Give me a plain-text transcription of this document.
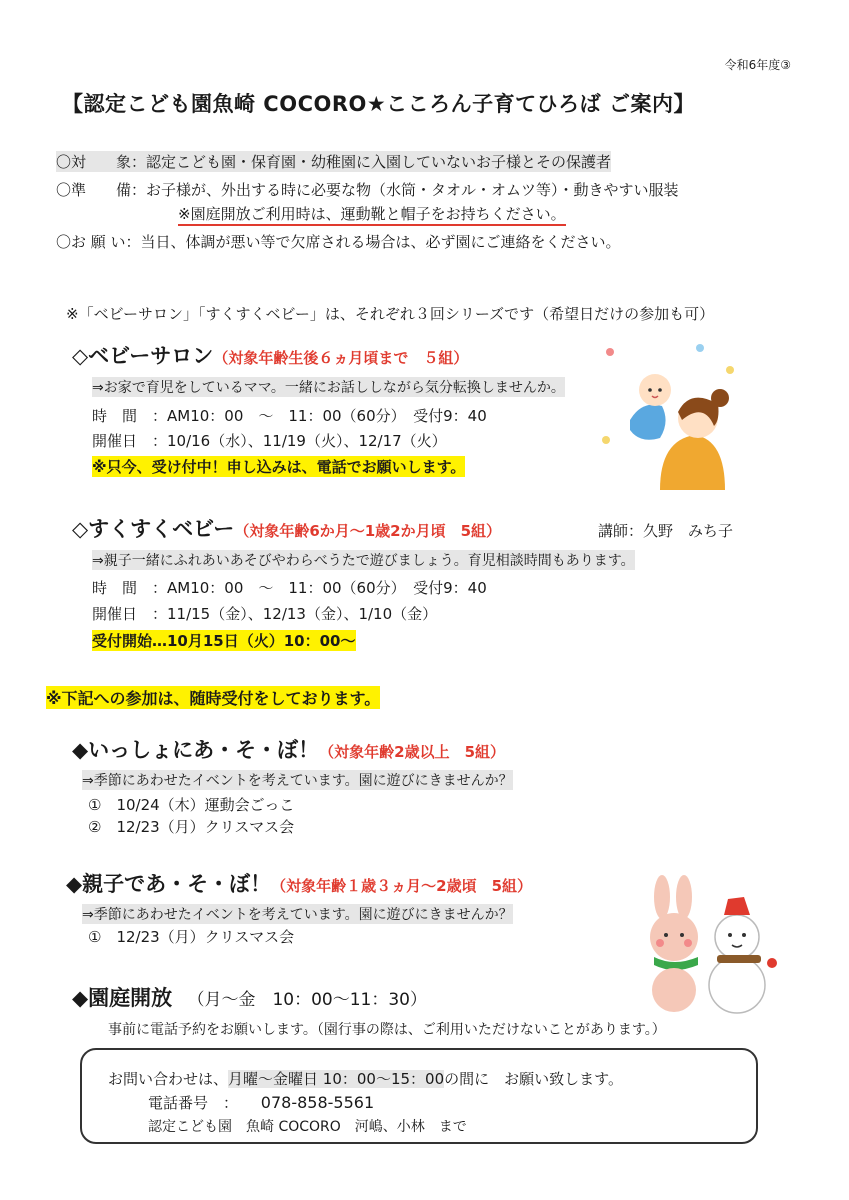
令和6年度③
【認定こども園魚崎 COCORO★こころん子育てひろば ご案内】
〇対　　象：認定こども園・保育園・幼稚園に入園していないお子様とその保護者
〇準　　備：お子様が、外出する時に必要な物（水筒・タオル・オムツ等）・動きやすい服装
※園庭開放ご利用時は、運動靴と帽子をお持ちください。
〇お 願 い：当日、体調が悪い等で欠席される場合は、必ず園にご連絡をください。
※「ベビーサロン」「すくすくベビー」は、それぞれ３回シリーズです（希望日だけの参加も可）
◇ベビーサロン（対象年齢生後６ヵ月頃まで　５組）
⇒お家で育児をしているママ。一緒にお話ししながら気分転換しませんか。
時　間　：AM10：00　～　11：00（60分）　受付9：40
開催日　：10/16（水）、11/19（火）、12/17（火）
※只今、受け付中！申し込みは、電話でお願いします。
◇すくすくベビー（対象年齢6か月～1歳2か月頃　5組）	講師：久野　みち子
⇒親子一緒にふれあいあそびやわらべうたで遊びましょう。育児相談時間もあります。
時　間　：AM10：00　～　11：00（60分）　受付9：40
開催日　：11/15（金）、12/13（金）、1/10（金）
受付開始…10月15日（火）10：00～
※下記への参加は、随時受付をしております。
◆いっしょにあ・そ・ぼ！（対象年齢2歳以上　5組）
⇒季節にあわせたイベントを考えています。園に遊びにきませんか？
①　10/24（木）運動会ごっこ
②　12/23（月）クリスマス会
◆親子であ・そ・ぼ！（対象年齢１歳３ヵ月～2歳頃　5組）
⇒季節にあわせたイベントを考えています。園に遊びにきませんか？
①　12/23（月）クリスマス会
◆園庭開放 （月～金　10：00～11：30）
事前に電話予約をお願いします。（園行事の際は、ご利用いただけないことがあります。）
お問い合わせは、月曜～金曜日 10：00～15：00の間に　お願い致します。
電話番号　： 078-858-5561
認定こども園　魚崎 COCORO　河嶋、小林　まで
